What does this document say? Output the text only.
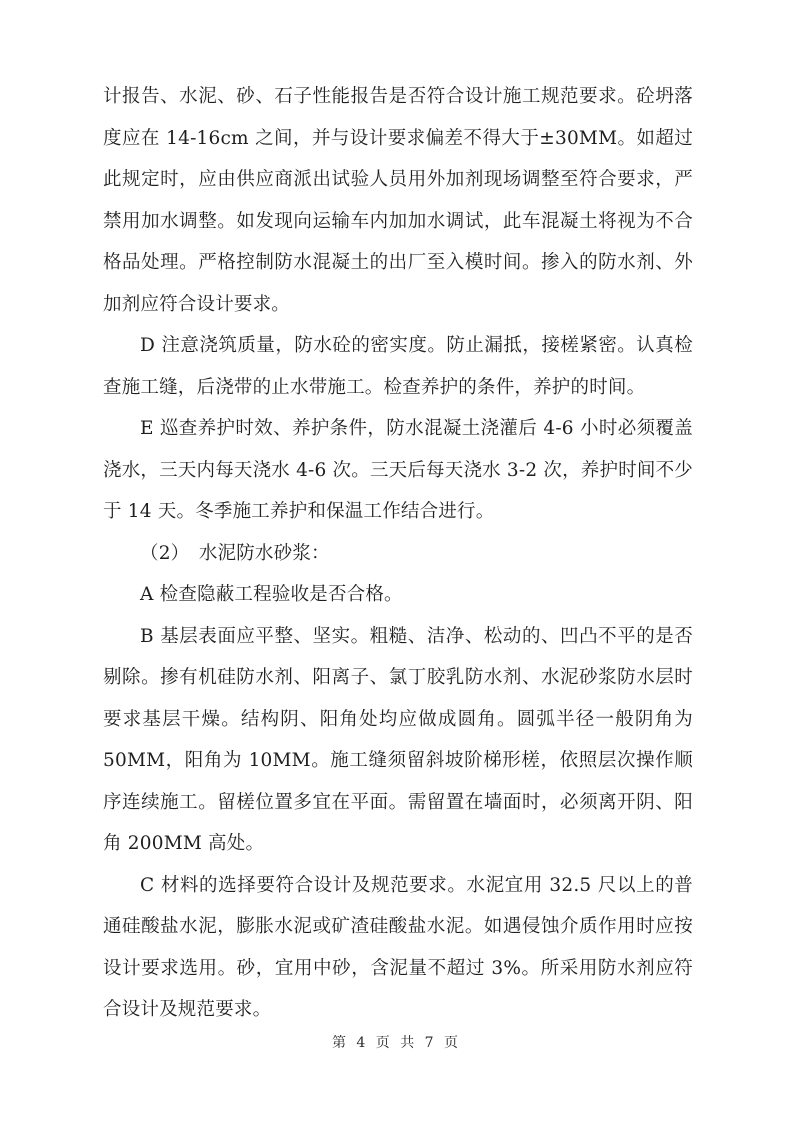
计报告、水泥、砂、石子性能报告是否符合设计施工规范要求。砼坍落度应在 14-16cm 之间，并与设计要求偏差不得大于±30MM。如超过此规定时，应由供应商派出试验人员用外加剂现场调整至符合要求，严禁用加水调整。如发现向运输车内加加水调试，此车混凝土将视为不合格品处理。严格控制防水混凝土的出厂至入模时间。掺入的防水剂、外加剂应符合设计要求。

D 注意浇筑质量，防水砼的密实度。防止漏抵，接槎紧密。认真检查施工缝，后浇带的止水带施工。检查养护的条件，养护的时间。

E 巡查养护时效、养护条件，防水混凝土浇灌后 4-6 小时必须覆盖浇水，三天内每天浇水 4-6 次。三天后每天浇水 3-2 次，养护时间不少于 14 天。冬季施工养护和保温工作结合进行。

（2）　水泥防水砂浆：

A 检查隐蔽工程验收是否合格。

B 基层表面应平整、坚实。粗糙、洁净、松动的、凹凸不平的是否剔除。掺有机硅防水剂、阳离子、氯丁胶乳防水剂、水泥砂浆防水层时要求基层干燥。结构阴、阳角处均应做成圆角。圆弧半径一般阴角为 50MM，阳角为 10MM。施工缝须留斜坡阶梯形槎，依照层次操作顺序连续施工。留槎位置多宜在平面。需留置在墙面时，必须离开阴、阳角 200MM 高处。

C 材料的选择要符合设计及规范要求。水泥宜用 32.5 尺以上的普通硅酸盐水泥，膨胀水泥或矿渣硅酸盐水泥。如遇侵蚀介质作用时应按设计要求选用。砂，宜用中砂，含泥量不超过 3%。所采用防水剂应符合设计及规范要求。

第 4 页 共 7 页
